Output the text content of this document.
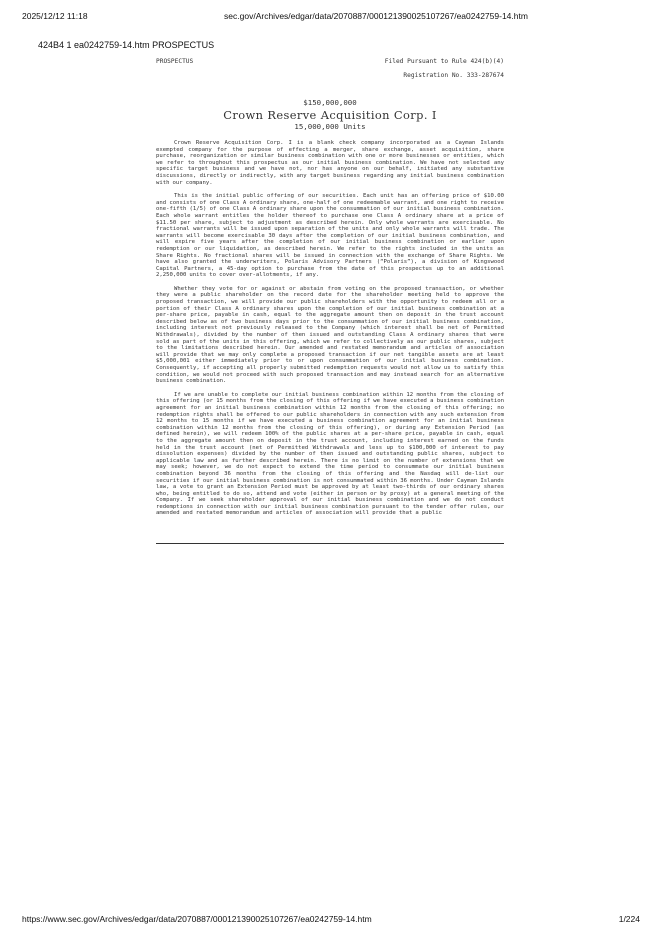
2025/12/12 11:18	sec.gov/Archives/edgar/data/2070887/000121390025107267/ea0242759-14.htm
424B4 1 ea0242759-14.htm PROSPECTUS
PROSPECTUS	Filed Pursuant to Rule 424(b)(4)
Registration No. 333-287674
$150,000,000
Crown Reserve Acquisition Corp. I
15,000,000 Units

Crown Reserve Acquisition Corp. I is a blank check company incorporated as a Cayman Islands exempted company for the purpose of effecting a merger, share exchange, asset acquisition, share purchase, reorganization or similar business combination with one or more businesses or entities, which we refer to throughout this prospectus as our initial business combination. We have not selected any specific target business and we have not, nor has anyone on our behalf, initiated any substantive discussions, directly or indirectly, with any target business regarding any initial business combination with our company.

This is the initial public offering of our securities. Each unit has an offering price of $10.00 and consists of one Class A ordinary share, one-half of one redeemable warrant, and one right to receive one-fifth (1/5) of one Class A ordinary share upon the consummation of our initial business combination. Each whole warrant entitles the holder thereof to purchase one Class A ordinary share at a price of $11.50 per share, subject to adjustment as described herein. Only whole warrants are exercisable. No fractional warrants will be issued upon separation of the units and only whole warrants will trade. The warrants will become exercisable 30 days after the completion of our initial business combination, and will expire five years after the completion of our initial business combination or earlier upon redemption or our liquidation, as described herein. We refer to the rights included in the units as Share Rights. No fractional shares will be issued in connection with the exchange of Share Rights. We have also granted the underwriters, Polaris Advisory Partners (“Polaris”), a division of Kingswood Capital Partners, a 45-day option to purchase from the date of this prospectus up to an additional 2,250,000 units to cover over-allotments, if any.

Whether they vote for or against or abstain from voting on the proposed transaction, or whether they were a public shareholder on the record date for the shareholder meeting held to approve the proposed transaction, we will provide our public shareholders with the opportunity to redeem all or a portion of their Class A ordinary shares upon the completion of our initial business combination at a per-share price, payable in cash, equal to the aggregate amount then on deposit in the trust account described below as of two business days prior to the consummation of our initial business combination, including interest not previously released to the Company (which interest shall be net of Permitted Withdrawals), divided by the number of then issued and outstanding Class A ordinary shares that were sold as part of the units in this offering, which we refer to collectively as our public shares, subject to the limitations described herein. Our amended and restated memorandum and articles of association will provide that we may only complete a proposed transaction if our net tangible assets are at least $5,000,001 either immediately prior to or upon consummation of our initial business combination. Consequently, if accepting all properly submitted redemption requests would not allow us to satisfy this condition, we would not proceed with such proposed transaction and may instead search for an alternative business combination.

If we are unable to complete our initial business combination within 12 months from the closing of this offering (or 15 months from the closing of this offering if we have executed a business combination agreement for an initial business combination within 12 months from the closing of this offering; no redemption rights shall be offered to our public shareholders in connection with any such extension from 12 months to 15 months if we have executed a business combination agreement for an initial business combination within 12 months from the closing of this offering), or during any Extension Period (as defined herein), we will redeem 100% of the public shares at a per-share price, payable in cash, equal to the aggregate amount then on deposit in the trust account, including interest earned on the funds held in the trust account (net of Permitted Withdrawals and less up to $100,000 of interest to pay dissolution expenses) divided by the number of then issued and outstanding public shares, subject to applicable law and as further described herein. There is no limit on the number of extensions that we may seek; however, we do not expect to extend the time period to consummate our initial business combination beyond 36 months from the closing of this offering and the Nasdaq will de-list our securities if our initial business combination is not consummated within 36 months. Under Cayman Islands law, a vote to grant an Extension Period must be approved by at least two-thirds of our ordinary shares who, being entitled to do so, attend and vote (either in person or by proxy) at a general meeting of the Company. If we seek shareholder approval of our initial business combination and we do not conduct redemptions in connection with our initial business combination pursuant to the tender offer rules, our amended and restated memorandum and articles of association will provide that a public

https://www.sec.gov/Archives/edgar/data/2070887/000121390025107267/ea0242759-14.htm	1/224
